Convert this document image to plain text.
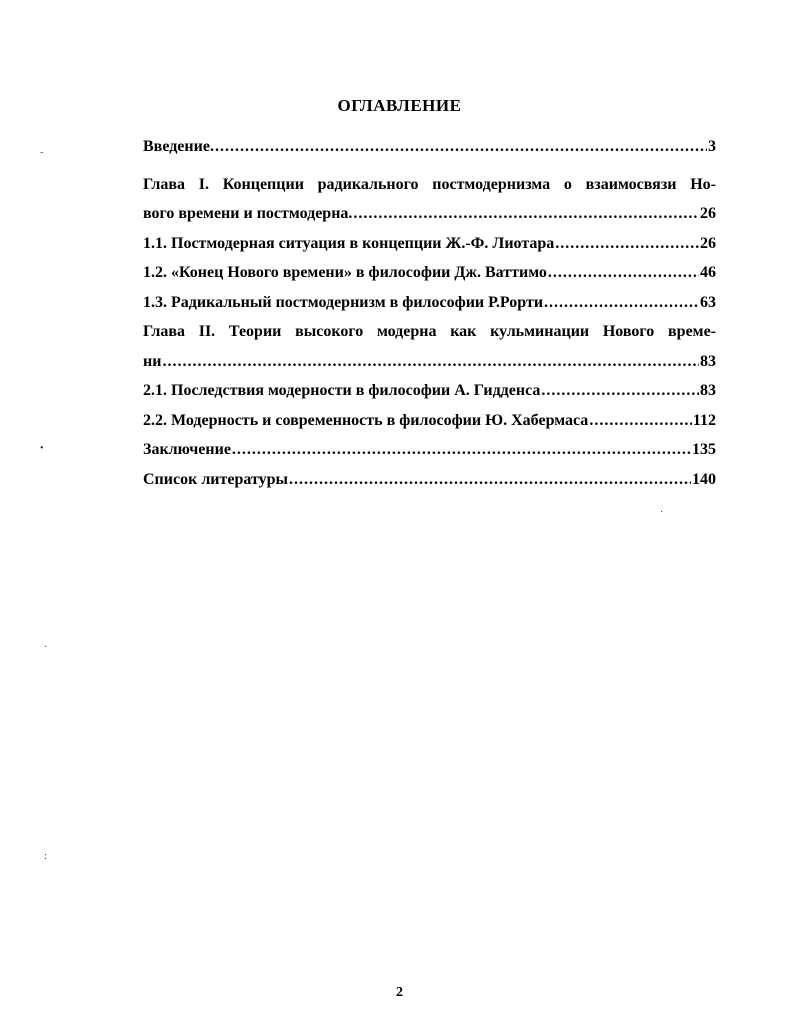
ОГЛАВЛЕНИЕ
Введение. .....	3
Глава I. Концепции радикального постмодернизма о взаимосвязи Но-
вого времени и постмодерна. .....	26
1.1. Постмодерная ситуация в концепции Ж.-Ф. Лиотара .....	26
1.2. «Конец Нового времени» в философии Дж. Ваттимо .....	46
1.3. Радикальный постмодернизм в философии Р.Рорти .....	63
Глава II. Теории высокого модерна как кульминации Нового време-
ни .....	83
2.1. Последствия модерности в философии А. Гидденса .....	83
2.2. Модерность и современность в философии Ю. Хабермаса .....	112
Заключение .....	135
Список литературы .....	140
˜
•
·
:
·
2
